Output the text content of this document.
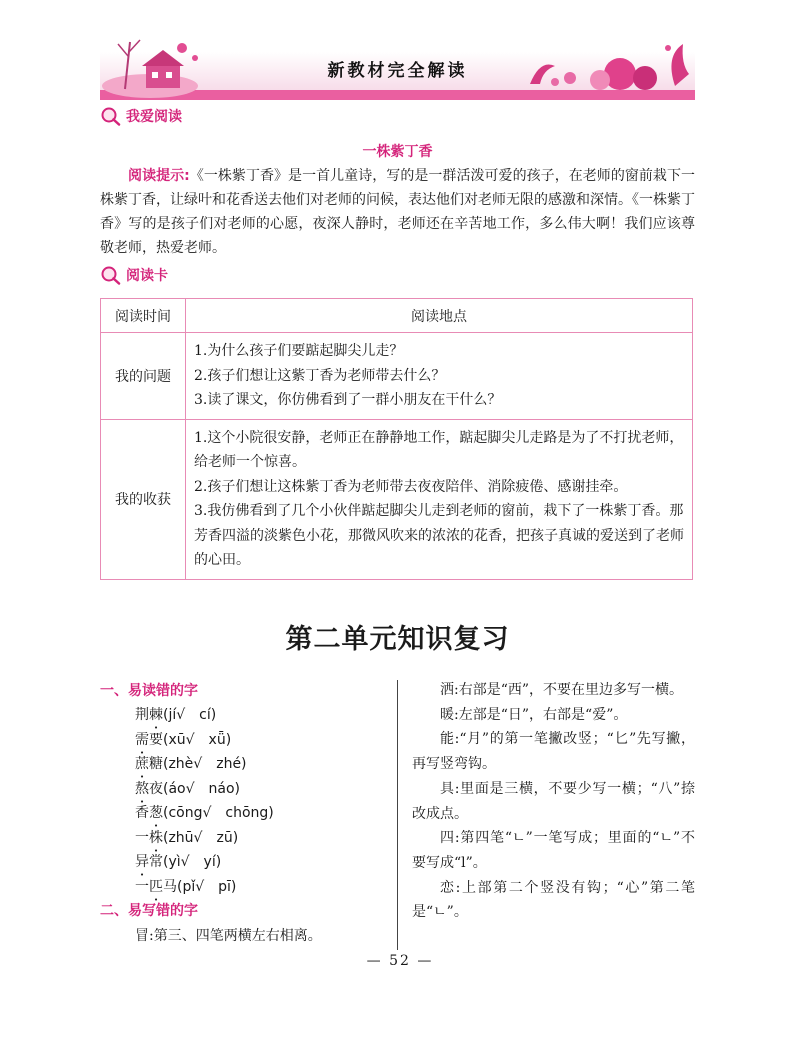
新教材完全解读
我爱阅读
一株紫丁香
阅读提示:《一株紫丁香》是一首儿童诗，写的是一群活泼可爱的孩子，在老师的窗前栽下一株紫丁香，让绿叶和花香送去他们对老师的问候，表达他们对老师无限的感激和深情。《一株紫丁香》写的是孩子们对老师的心愿，夜深人静时，老师还在辛苦地工作，多么伟大啊！我们应该尊敬老师，热爱老师。
阅读卡
阅读时间	阅读地点
我的问题	1.为什么孩子们要踮起脚尖儿走？
2.孩子们想让这紫丁香为老师带去什么？
3.读了课文，你仿佛看到了一群小朋友在干什么？

我的收获	1.这个小院很安静，老师正在静静地工作，踮起脚尖儿走路是为了不打扰老师，给老师一个惊喜。
2.孩子们想让这株紫丁香为老师带去夜夜陪伴、消除疲倦、感谢挂牵。
3.我仿佛看到了几个小伙伴踮起脚尖儿走到老师的窗前，栽下了一株紫丁香。那芳香四溢的淡紫色小花，那微风吹来的浓浓的花香，把孩子真诚的爱送到了老师的心田。
第二单元知识复习
一、易读错的字
荆棘(jí√　cí)
需要(xū√　xǖ)
蔗糖(zhè√　zhé)
熬夜(áo√　náo)
香葱(cōng√　chōng)
一株(zhū√　zū)
异常(yì√　yí)
一匹马(pǐ√　pī)
二、易写错的字
冒:第三、四笔两横左右相离。

洒:右部是“西”，不要在里边多写一横。

暖:左部是“日”，右部是“爱”。

能:“月”的第一笔撇改竖；“匕”先写撇，再写竖弯钩。

具:里面是三横，不要少写一横；“八”捺改成点。

四:第四笔“ㄴ”一笔写成；里面的“ㄴ”不要写成“l”。

恋:上部第二个竖没有钩；“心”第二笔是“ㄴ”。

— 52 —
